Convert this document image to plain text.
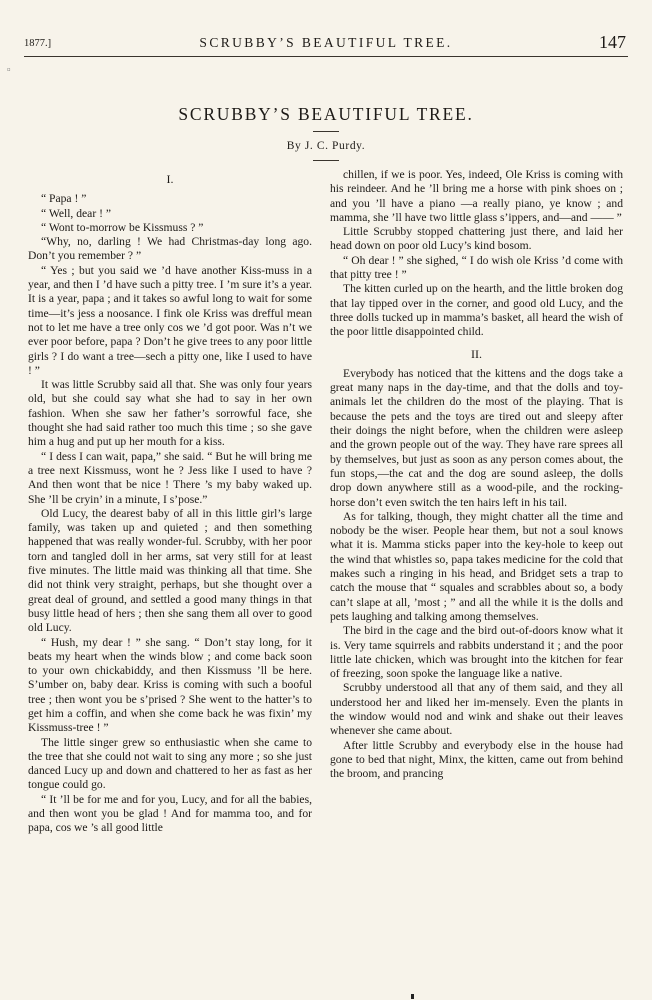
1877.]	SCRUBBY’S BEAUTIFUL TREE.	147
¤
SCRUBBY’S BEAUTIFUL TREE.
By J. C. Purdy.
I.

“ Papa ! ”

“ Well, dear ! ”

“ Wont to-morrow be Kissmuss ? ”

“Why, no, darling ! We had Christmas-day long ago. Don’t you remember ? ”

“ Yes ; but you said we ’d have another Kiss-muss in a year, and then I ’d have such a pitty tree. I ’m sure it’s a year. It is a year, papa ; and it takes so awful long to wait for some time—it’s jess a noosance. I fink ole Kriss was drefful mean not to let me have a tree only cos we ’d got poor. Was n’t we ever poor before, papa ? Don’t he give trees to any poor little girls ? I do want a tree—sech a pitty one, like I used to have ! ”

It was little Scrubby said all that. She was only four years old, but she could say what she had to say in her own fashion. When she saw her father’s sorrowful face, she thought she had said rather too much this time ; so she gave him a hug and put up her mouth for a kiss.

“ I dess I can wait, papa,” she said. “ But he will bring me a tree next Kissmuss, wont he ? Jess like I used to have ? And then wont that be nice ! There ’s my baby waked up. She ’ll be cryin’ in a minute, I s’pose.”

Old Lucy, the dearest baby of all in this little girl’s large family, was taken up and quieted ; and then something happened that was really wonder-ful. Scrubby, with her poor torn and tangled doll in her arms, sat very still for at least five minutes. The little maid was thinking all that time. She did not think very straight, perhaps, but she thought over a great deal of ground, and settled a good many things in that busy little head of hers ; then she sang them all over to good old Lucy.

“ Hush, my dear ! ” she sang. “ Don’t stay long, for it beats my heart when the winds blow ; and come back soon to your own chickabiddy, and then Kissmuss ’ll be here. S’umber on, baby dear. Kriss is coming with such a booful tree ; then wont you be s’prised ? She went to the hatter’s to get him a coffin, and when she come back he was fixin’ my Kissmuss-tree ! ”

The little singer grew so enthusiastic when she came to the tree that she could not wait to sing any more ; so she just danced Lucy up and down and chattered to her as fast as her tongue could go.

“ It ’ll be for me and for you, Lucy, and for all the babies, and then wont you be glad ! And for mamma too, and for papa, cos we ’s all good little

chillen, if we is poor. Yes, indeed, Ole Kriss is coming with his reindeer. And he ’ll bring me a horse with pink shoes on ; and you ’ll have a piano —a really piano, ye know ; and mamma, she ’ll have two little glass s’ippers, and—and —— ”

Little Scrubby stopped chattering just there, and laid her head down on poor old Lucy’s kind bosom.

“ Oh dear ! ” she sighed, “ I do wish ole Kriss ’d come with that pitty tree ! ”

The kitten curled up on the hearth, and the little broken dog that lay tipped over in the corner, and good old Lucy, and the three dolls tucked up in mamma’s basket, all heard the wish of the poor little disappointed child.

II.

Everybody has noticed that the kittens and the dogs take a great many naps in the day-time, and that the dolls and toy-animals let the children do the most of the playing. That is because the pets and the toys are tired out and sleepy after their doings the night before, when the children were asleep and the grown people out of the way. They have rare sprees all by themselves, but just as soon as any person comes about, the fun stops,—the cat and the dog are sound asleep, the dolls drop down anywhere still as a wood-pile, and the rocking-horse don’t even switch the ten hairs left in his tail.

As for talking, though, they might chatter all the time and nobody be the wiser. People hear them, but not a soul knows what it is. Mamma sticks paper into the key-hole to keep out the wind that whistles so, papa takes medicine for the cold that makes such a ringing in his head, and Bridget sets a trap to catch the mouse that “ squales and scrabbles about so, a body can’t slape at all, ’most ; ” and all the while it is the dolls and pets laughing and talking among themselves.

The bird in the cage and the bird out-of-doors know what it is. Very tame squirrels and rabbits understand it ; and the poor little late chicken, which was brought into the kitchen for fear of freezing, soon spoke the language like a native.

Scrubby understood all that any of them said, and they all understood her and liked her im-mensely. Even the plants in the window would nod and wink and shake out their leaves whenever she came about.

After little Scrubby and everybody else in the house had gone to bed that night, Minx, the kitten, came out from behind the broom, and prancing
